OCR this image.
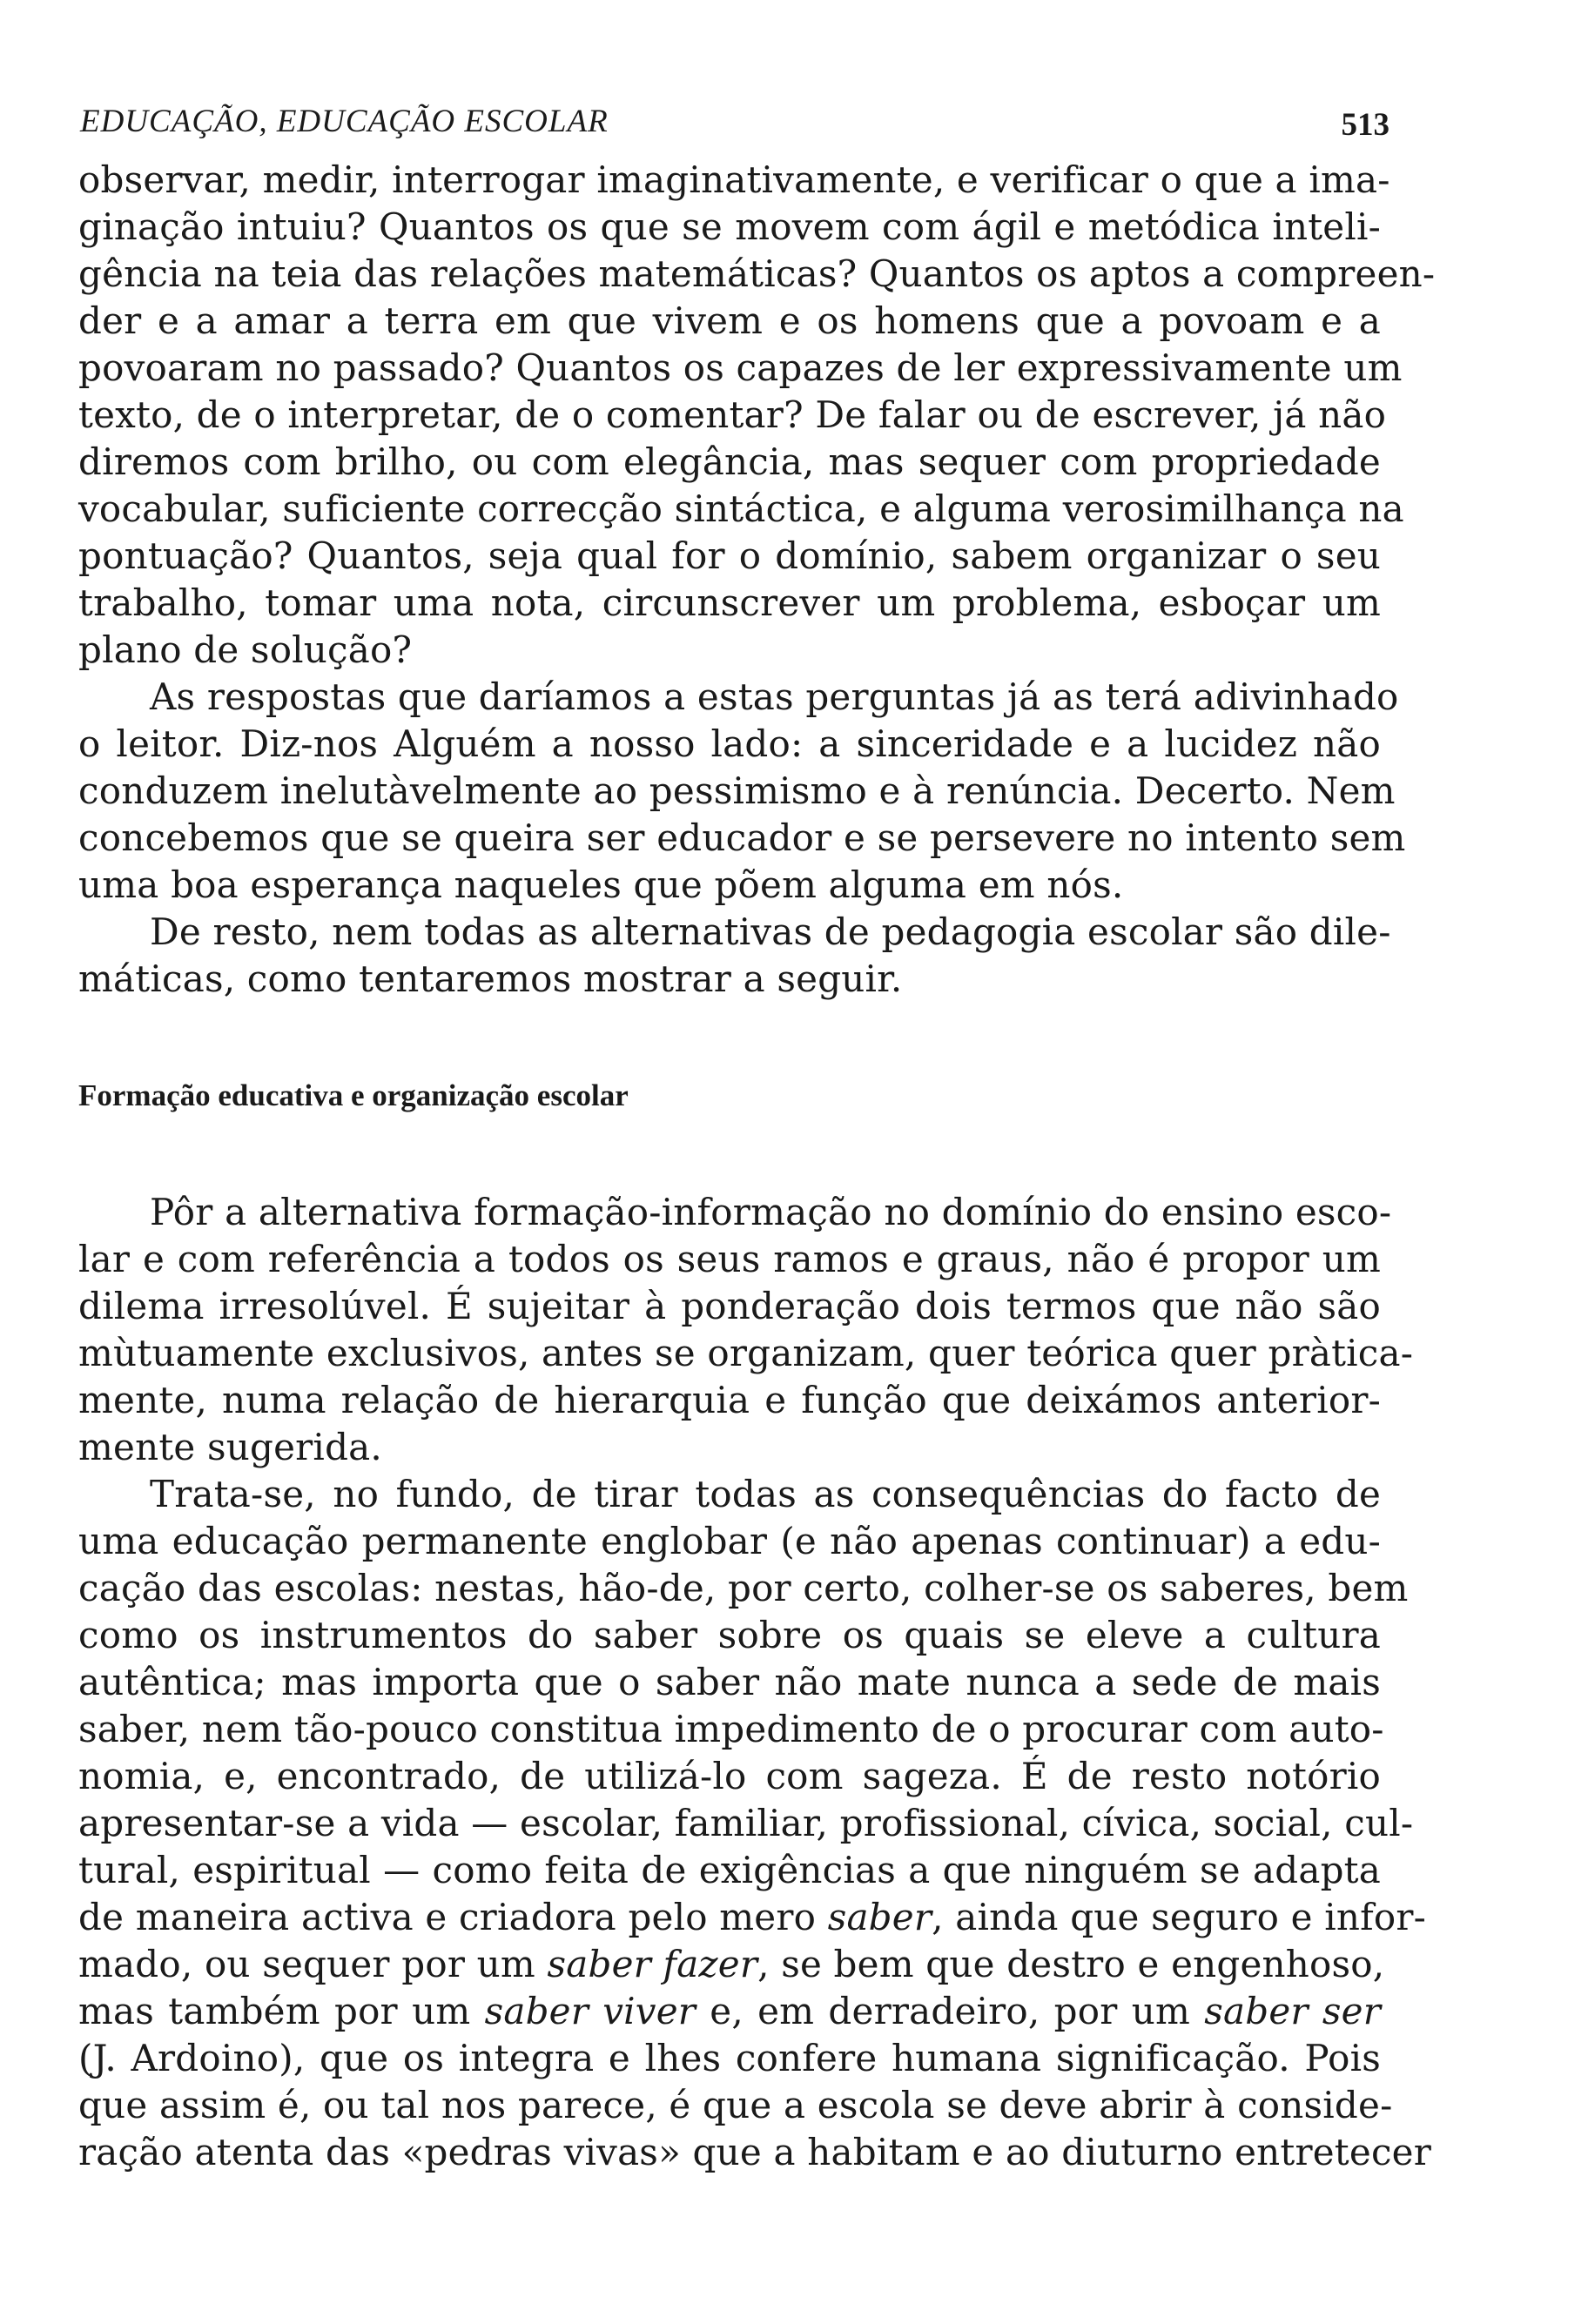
EDUCAÇÃO, EDUCAÇÃO ESCOLAR	513
observar, medir, interrogar imaginativamente, e verificar o que a ima-
ginação intuiu? Quantos os que se movem com ágil e metódica inteli-
gência na teia das relações matemáticas? Quantos os aptos a compreen-
der e a amar a terra em que vivem e os homens que a povoam e a
povoaram no passado? Quantos os capazes de ler expressivamente um
texto, de o interpretar, de o comentar? De falar ou de escrever, já não
diremos com brilho, ou com elegância, mas sequer com propriedade
vocabular, suficiente correcção sintáctica, e alguma verosimilhança na
pontuação? Quantos, seja qual for o domínio, sabem organizar o seu
trabalho, tomar uma nota, circunscrever um problema, esboçar um
plano de solução?
As respostas que daríamos a estas perguntas já as terá adivinhado
o leitor. Diz-nos Alguém a nosso lado: a sinceridade e a lucidez não
conduzem inelutàvelmente ao pessimismo e à renúncia. Decerto. Nem
concebemos que se queira ser educador e se persevere no intento sem
uma boa esperança naqueles que põem alguma em nós.
De resto, nem todas as alternativas de pedagogia escolar são dile-
máticas, como tentaremos mostrar a seguir.
Formação educativa e organização escolar
Pôr a alternativa formação-informação no domínio do ensino esco-
lar e com referência a todos os seus ramos e graus, não é propor um
dilema irresolúvel. É sujeitar à ponderação dois termos que não são
mùtuamente exclusivos, antes se organizam, quer teórica quer pràtica-
mente, numa relação de hierarquia e função que deixámos anterior-
mente sugerida.
Trata-se, no fundo, de tirar todas as consequências do facto de
uma educação permanente englobar (e não apenas continuar) a edu-
cação das escolas: nestas, hão-de, por certo, colher-se os saberes, bem
como os instrumentos do saber sobre os quais se eleve a cultura
autêntica; mas importa que o saber não mate nunca a sede de mais
saber, nem tão-pouco constitua impedimento de o procurar com auto-
nomia, e, encontrado, de utilizá-lo com sageza. É de resto notório
apresentar-se a vida — escolar, familiar, profissional, cívica, social, cul-
tural, espiritual — como feita de exigências a que ninguém se adapta
de maneira activa e criadora pelo mero saber, ainda que seguro e infor-
mado, ou sequer por um saber fazer, se bem que destro e engenhoso,
mas também por um saber viver e, em derradeiro, por um saber ser
(J. Ardoino), que os integra e lhes confere humana significação. Pois
que assim é, ou tal nos parece, é que a escola se deve abrir à conside-
ração atenta das «pedras vivas» que a habitam e ao diuturno entretecer
